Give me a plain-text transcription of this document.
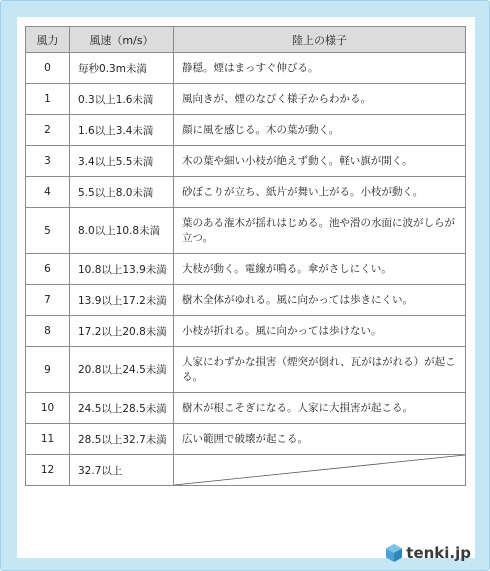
風力	風速（m/s）	陸上の様子
0	毎秒0.3m未満	静穏。煙はまっすぐ伸びる。
1	0.3以上1.6未満	風向きが、煙のなびく様子からわかる。
2	1.6以上3.4未満	顔に風を感じる。木の葉が動く。
3	3.4以上5.5未満	木の葉や細い小枝が絶えず動く。軽い旗が開く。
4	5.5以上8.0未満	砂ぼこりが立ち、紙片が舞い上がる。小枝が動く。
5	8.0以上10.8未満	葉のある潅木が揺れはじめる。池や滑の水面に波がしらが立つ。
6	10.8以上13.9未満	大枝が動く。電線が鳴る。傘がさしにくい。
7	13.9以上17.2未満	樹木全体がゆれる。風に向かっては歩きにくい。
8	17.2以上20.8未満	小枝が折れる。風に向かっては歩けない。
9	20.8以上24.5未満	人家にわずかな損害（煙突が倒れ、瓦がはがれる）が起こる。
10	24.5以上28.5未満	樹木が根こそぎになる。人家に大損害が起こる。
11	28.5以上32.7未満	広い範囲で破壊が起こる。
12	32.7以上	
tenki.jp
